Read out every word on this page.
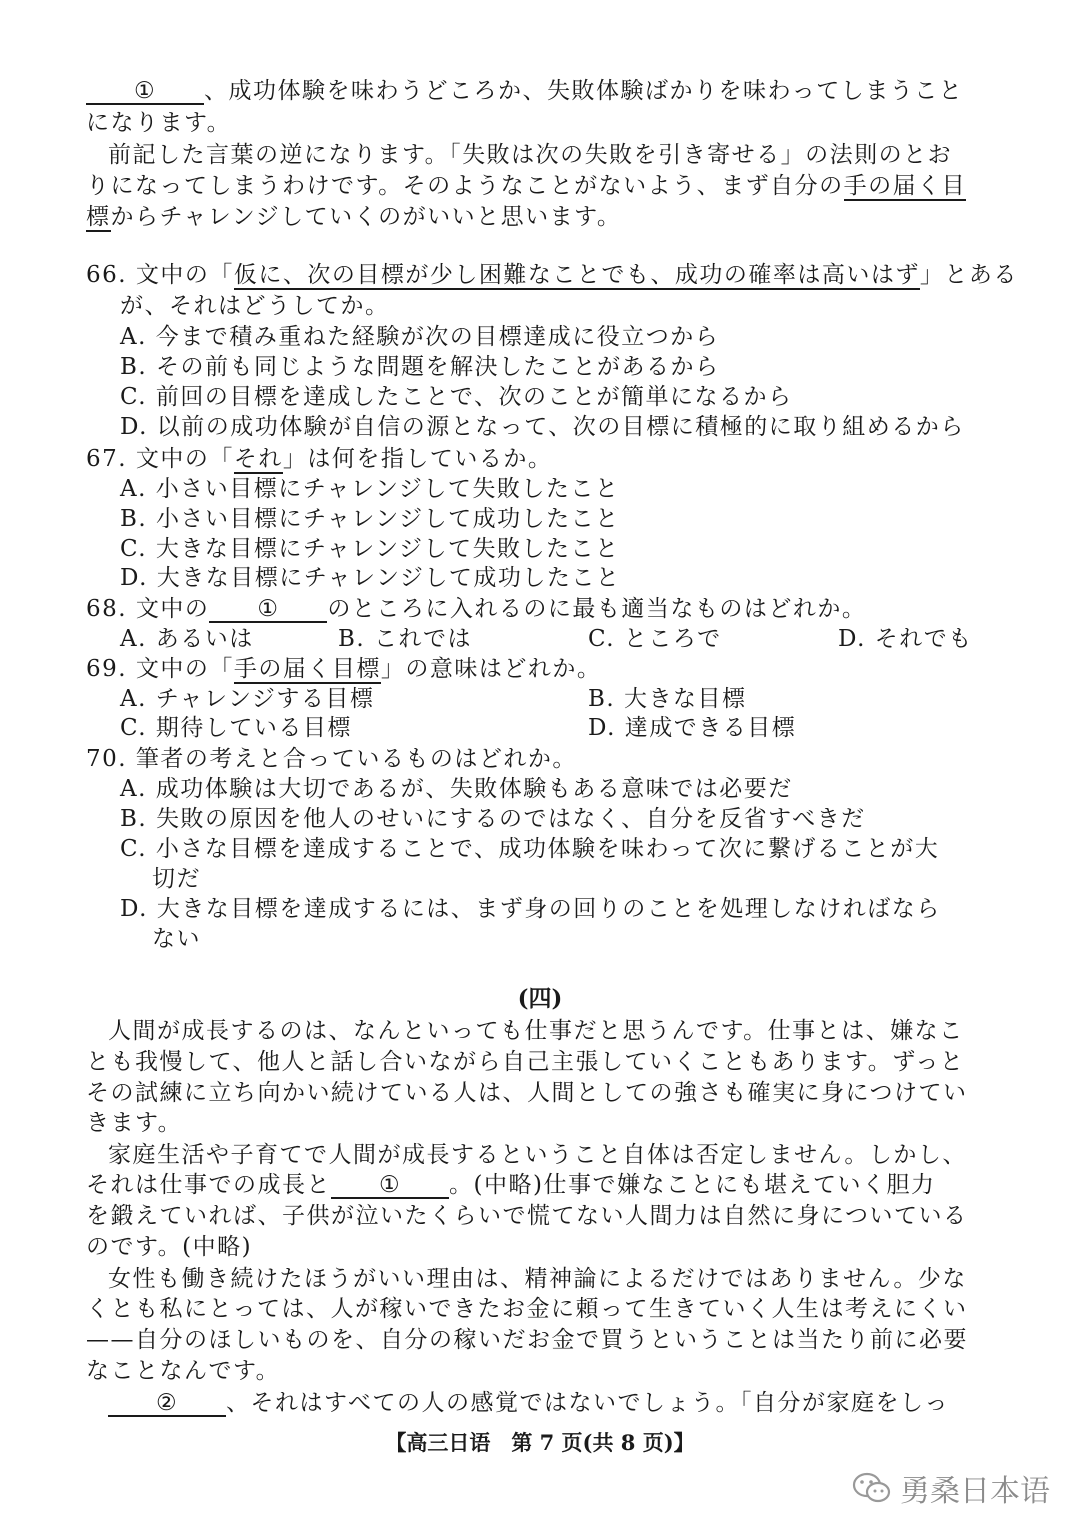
① 、成功体験を味わうどころか、失敗体験ばかりを味わってしまうこと
になります。
前記した言葉の逆になります。「失敗は次の失敗を引き寄せる」の法則のとお
りになってしまうわけです。そのようなことがないよう、まず自分の手の届く目
標からチャレンジしていくのがいいと思います。
66. 文中の「仮に、次の目標が少し困難なことでも、成功の確率は高いはず」とある
が、それはどうしてか。
A. 今まで積み重ねた経験が次の目標達成に役立つから
B. その前も同じような問題を解決したことがあるから
C. 前回の目標を達成したことで、次のことが簡単になるから
D. 以前の成功体験が自信の源となって、次の目標に積極的に取り組めるから
67. 文中の「それ」は何を指しているか。
A. 小さい目標にチャレンジして失敗したこと
B. 小さい目標にチャレンジして成功したこと
C. 大きな目標にチャレンジして失敗したこと
D. 大きな目標にチャレンジして成功したこと
68. 文中の ① のところに入れるのに最も適当なものはどれか。
A. あるいは	B. これでは	C. ところで	D. それでも
69. 文中の「手の届く目標」の意味はどれか。
A. チャレンジする目標	B. 大きな目標
C. 期待している目標	D. 達成できる目標
70. 筆者の考えと合っているものはどれか。
A. 成功体験は大切であるが、失敗体験もある意味では必要だ
B. 失敗の原因を他人のせいにするのではなく、自分を反省すべきだ
C. 小さな目標を達成することで、成功体験を味わって次に繋げることが大
切だ
D. 大きな目標を達成するには、まず身の回りのことを処理しなければなら
ない
(四)
人間が成長するのは、なんといっても仕事だと思うんです。仕事とは、嫌なこ
とも我慢して、他人と話し合いながら自己主張していくこともあります。ずっと
その試練に立ち向かい続けている人は、人間としての強さも確実に身につけてい
きます。
家庭生活や子育てで人間が成長するということ自体は否定しません。しかし、
それは仕事での成長と ① 。(中略)仕事で嫌なことにも堪えていく胆力
を鍛えていれば、子供が泣いたくらいで慌てない人間力は自然に身についている
のです。(中略)
女性も働き続けたほうがいい理由は、精神論によるだけではありません。少な
くとも私にとっては、人が稼いできたお金に頼って生きていく人生は考えにくい
——自分のほしいものを、自分の稼いだお金で買うということは当たり前に必要
なことなんです。
② 、それはすべての人の感覚ではないでしょう。「自分が家庭をしっ
【高三日语　第 7 页(共 8 页)】
勇桑日本语
